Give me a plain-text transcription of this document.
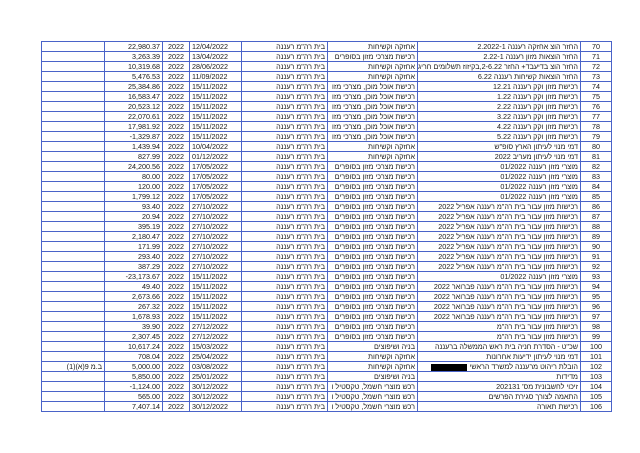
	22,980.37	2022	12/04/2022	בית רה"מ רעננה	אחזקה וקשיחות	החזר הוצ אחזקה רעננה 2.2022-1	70
	3,263.39	2022	13/04/2022	בית רה"מ רעננה	רכישת מצרכי מזון בסופרים	החזר הוצאות מזון רעננה 2.22-1	71
	10,319.68	2022	28/06/2022	בית רה"מ רעננה	אחזקה וקשיחות	החזר הוצ בדיעבד+ החזר 2-6.22,בקיזוז תשלומים חריג	72
	5,476.53	2022	11/09/2022	בית רה"מ רעננה	אחזקה וקשיחות	החזר הוצאות קשיחות רעננה 6.22	73
	25,384.86	2022	15/11/2022	בית רה"מ רעננה	רכישת אוכל מוכן, מצרכי מזו	רכישת מזון וקק רעננה 12.21	74
	16,583.47	2022	15/11/2022	בית רה"מ רעננה	רכישת אוכל מוכן, מצרכי מזו	רכישת מזון וקק רעננה 1.22	75
	20,523.12	2022	15/11/2022	בית רה"מ רעננה	רכישת אוכל מוכן, מצרכי מזו	רכישת מזון וקק רעננה 2.22	76
	22,070.61	2022	15/11/2022	בית רה"מ רעננה	רכישת אוכל מוכן, מצרכי מזו	רכישת מזון וקק רעננה 3.22	77
	17,981.92	2022	15/11/2022	בית רה"מ רעננה	רכישת אוכל מוכן, מצרכי מזו	רכישת מזון וקק רעננה 4.22	78
	-1,329.87	2022	15/11/2022	בית רה"מ רעננה	רכישת אוכל מוכן, מצרכי מזו	רכישת מזון וקק רעננה 5.22	79
	1,439.94	2022	10/04/2022	בית רה"מ רעננה	אחזקה וקשיחות	דמי מנוי לעיתון הארץ סופ"ש	80
	827.99	2022	01/12/2022	בית רה"מ רעננה	אחזקה וקשיחות	דמי מנוי לעיתון מעריב 2022	81
	24,200.56	2022	17/05/2022	בית רה"מ רעננה	רכישת מצרכי מזון בסופרים	מוצרי מזון רעננה 01/2022	82
	80.00	2022	17/05/2022	בית רה"מ רעננה	רכישת מצרכי מזון בסופרים	מוצרי מזון רעננה 01/2022	83
	120.00	2022	17/05/2022	בית רה"מ רעננה	רכישת מצרכי מזון בסופרים	מוצרי מזון רעננה 01/2022	84
	1,799.12	2022	17/05/2022	בית רה"מ רעננה	רכישת מצרכי מזון בסופרים	מוצרי מזון רעננה 01/2022	85
	93.40	2022	27/10/2022	בית רה"מ רעננה	רכישת מצרכי מזון בסופרים	רכישות מזון עבור בית רה"מ רעננה אפריל 2022	86
	20.94	2022	27/10/2022	בית רה"מ רעננה	רכישת מצרכי מזון בסופרים	רכישות מזון עבור בית רה"מ רעננה אפריל 2022	87
	395.19	2022	27/10/2022	בית רה"מ רעננה	רכישת מצרכי מזון בסופרים	רכישות מזון עבור בית רה"מ רעננה אפריל 2022	88
	2,180.47	2022	27/10/2022	בית רה"מ רעננה	רכישת מצרכי מזון בסופרים	רכישות מזון עבור בית רה"מ רעננה אפריל 2022	89
	171.99	2022	27/10/2022	בית רה"מ רעננה	רכישת מצרכי מזון בסופרים	רכישות מזון עבור בית רה"מ רעננה אפריל 2022	90
	293.40	2022	27/10/2022	בית רה"מ רעננה	רכישת מצרכי מזון בסופרים	רכישות מזון עבור בית רה"מ רעננה אפריל 2022	91
	387.29	2022	27/10/2022	בית רה"מ רעננה	רכישת מצרכי מזון בסופרים	רכישות מזון עבור בית רה"מ רעננה אפריל 2022	92
	-23,173.67	2022	15/11/2022	בית רה"מ רעננה	רכישת מצרכי מזון בסופרים	מוצרי מזון רעננה 01/2022	93
	49.40	2022	15/11/2022	בית רה"מ רעננה	רכישת מצרכי מזון בסופרים	רכישות מזון עבור בית רה"מ רעננה פברואר 2022	94
	2,673.66	2022	15/11/2022	בית רה"מ רעננה	רכישת מצרכי מזון בסופרים	רכישות מזון עבור בית רה"מ רעננה פברואר 2022	95
	267.32	2022	15/11/2022	בית רה"מ רעננה	רכישת מצרכי מזון בסופרים	רכישות מזון עבור בית רה"מ רעננה פברואר 2022	96
	1,678.93	2022	15/11/2022	בית רה"מ רעננה	רכישת מצרכי מזון בסופרים	רכישות מזון עבור בית רה"מ רעננה פברואר 2022	97
	39.90	2022	27/12/2022	בית רה"מ רעננה	רכישת מצרכי מזון בסופרים	רכישות מזון עבור בית רה"מ	98
	2,307.45	2022	27/12/2022	בית רה"מ רעננה	רכישת מצרכי מזון בסופרים	רכישות מזון עבור בית רה"מ	99
	10,617.24	2022	15/03/2022	בית רה"מ רעננה	בניה ושיפוצים	שכ"ט - הסדרת חניה בית ראש הממשלה ברעננה	100
	708.04	2022	25/04/2022	בית רה"מ רעננה	אחזקה וקשיחות	דמי מנוי לעיתון ידיעות אחרונות	101
ב.מ 9(א)(1)	5,000.00	2022	03/08/2022	בית רה"מ רעננה	אחזקה וקשיחות	הובלת ריהוט מרעננה למשרד הראשי	102
	5,850.00	2022	25/01/2022	בית רה"מ רעננה	בניה ושיפוצים	מדידות	103
	-1,124.00	2022	30/12/2022	בית רה"מ רעננה	רכש מוצרי חשמל, טקסטיל ו	זיכוי לחשבונית מס' 202131	104
	565.00	2022	30/12/2022	בית רה"מ רעננה	רכש מוצרי חשמל, טקסטיל ו	התאמה לצורך סגירת הפרשים	105
	7,407.14	2022	30/12/2022	בית רה"מ רעננה	רכש מוצרי חשמל, טקסטיל ו	רכישת תאורה	106
